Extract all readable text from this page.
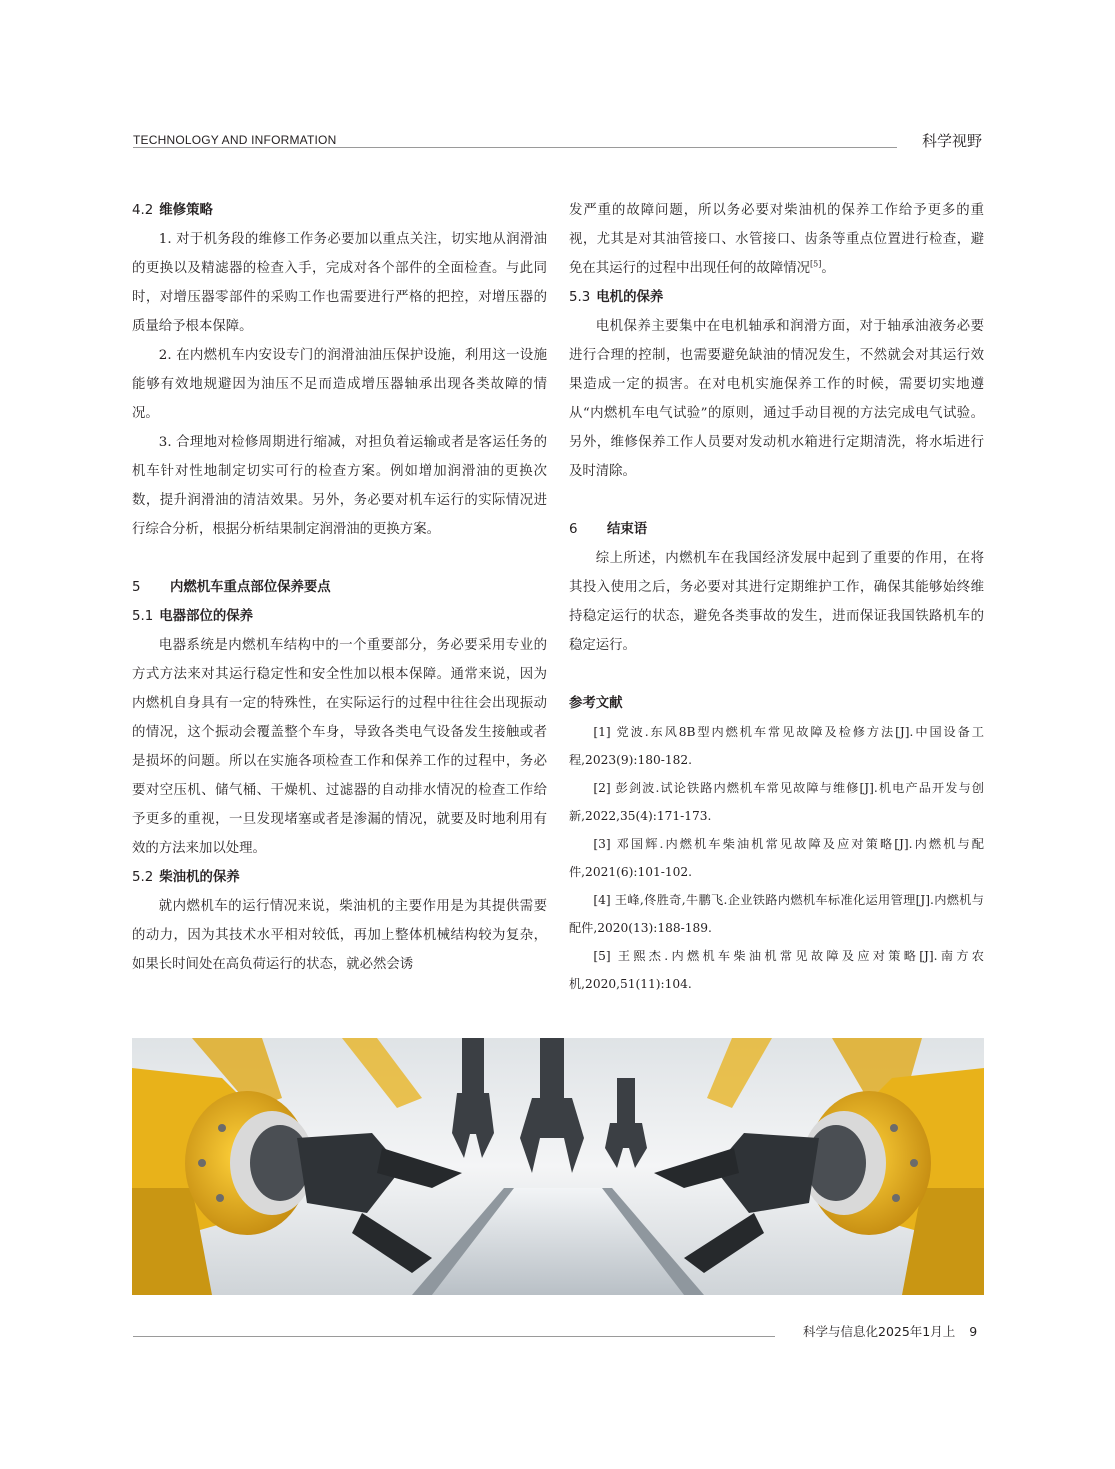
TECHNOLOGY AND INFORMATION	科学视野
4.2 维修策略

1. 对于机务段的维修工作务必要加以重点关注，切实地从润滑油的更换以及精滤器的检查入手，完成对各个部件的全面检查。与此同时，对增压器零部件的采购工作也需要进行严格的把控，对增压器的质量给予根本保障。

2. 在内燃机车内安设专门的润滑油油压保护设施，利用这一设施能够有效地规避因为油压不足而造成增压器轴承出现各类故障的情况。

3. 合理地对检修周期进行缩减，对担负着运输或者是客运任务的机车针对性地制定切实可行的检查方案。例如增加润滑油的更换次数，提升润滑油的清洁效果。另外，务必要对机车运行的实际情况进行综合分析，根据分析结果制定润滑油的更换方案。

5 内燃机车重点部位保养要点
5.1 电器部位的保养

电器系统是内燃机车结构中的一个重要部分，务必要采用专业的方式方法来对其运行稳定性和安全性加以根本保障。通常来说，因为内燃机自身具有一定的特殊性，在实际运行的过程中往往会出现振动的情况，这个振动会覆盖整个车身，导致各类电气设备发生接触或者是损坏的问题。所以在实施各项检查工作和保养工作的过程中，务必要对空压机、储气桶、干燥机、过滤器的自动排水情况的检查工作给予更多的重视，一旦发现堵塞或者是渗漏的情况，就要及时地利用有效的方法来加以处理。

5.2 柴油机的保养

就内燃机车的运行情况来说，柴油机的主要作用是为其提供需要的动力，因为其技术水平相对较低，再加上整体机械结构较为复杂，如果长时间处在高负荷运行的状态，就必然会诱

发严重的故障问题，所以务必要对柴油机的保养工作给予更多的重视，尤其是对其油管接口、水管接口、齿条等重点位置进行检查，避免在其运行的过程中出现任何的故障情况[5]。

5.3 电机的保养

电机保养主要集中在电机轴承和润滑方面，对于轴承油液务必要进行合理的控制，也需要避免缺油的情况发生，不然就会对其运行效果造成一定的损害。在对电机实施保养工作的时候，需要切实地遵从“内燃机车电气试验”的原则，通过手动目视的方法完成电气试验。另外，维修保养工作人员要对发动机水箱进行定期清洗，将水垢进行及时清除。

6 结束语

综上所述，内燃机车在我国经济发展中起到了重要的作用，在将其投入使用之后，务必要对其进行定期维护工作，确保其能够始终维持稳定运行的状态，避免各类事故的发生，进而保证我国铁路机车的稳定运行。

参考文献

[1] 党波.东风8B型内燃机车常见故障及检修方法[J].中国设备工程,2023(9):180-182.

[2] 彭剑波.试论铁路内燃机车常见故障与维修[J].机电产品开发与创新,2022,35(4):171-173.

[3] 邓国辉.内燃机车柴油机常见故障及应对策略[J].内燃机与配件,2021(6):101-102.

[4] 王峰,佟胜奇,牛鹏飞.企业铁路内燃机车标准化运用管理[J].内燃机与配件,2020(13):188-189.

[5] 王熙杰.内燃机车柴油机常见故障及应对策略[J].南方农机,2020,51(11):104.

科学与信息化2025年1月上 9
